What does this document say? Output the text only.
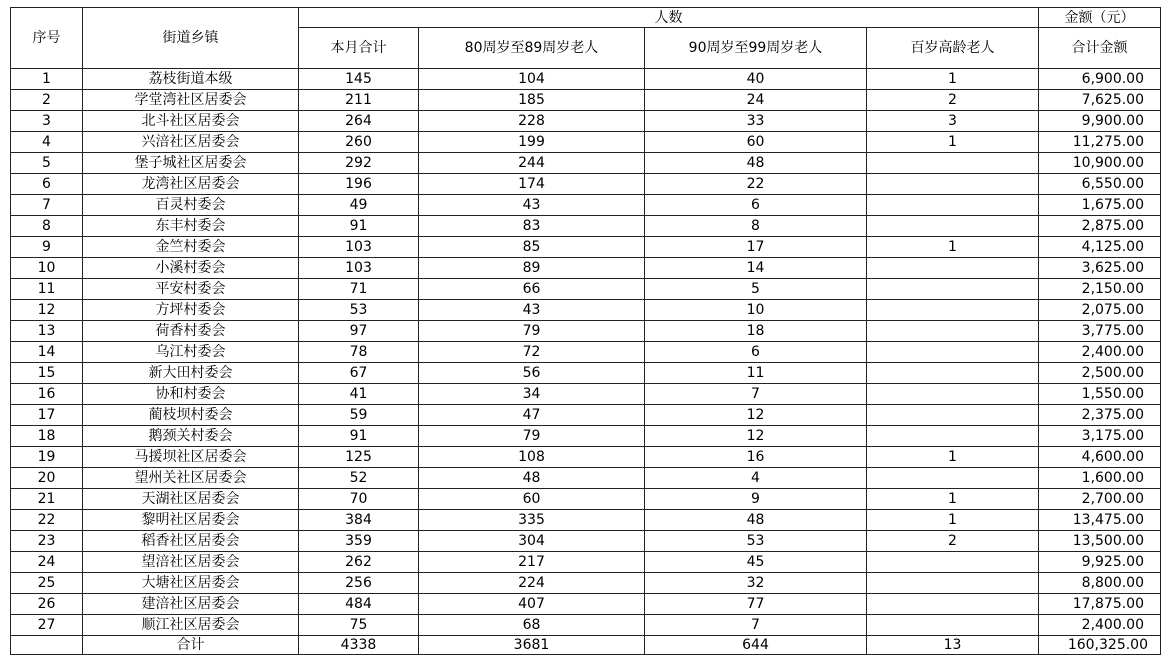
序号	街道乡镇	人数				金额（元）
		本月合计	80周岁至89周岁老人	90周岁至99周岁老人	百岁高龄老人	合计金额
1	荔枝街道本级	145	104	40	1	6,900.00
2	学堂湾社区居委会	211	185	24	2	7,625.00
3	北斗社区居委会	264	228	33	3	9,900.00
4	兴涪社区居委会	260	199	60	1	11,275.00
5	堡子城社区居委会	292	244	48		10,900.00
6	龙湾社区居委会	196	174	22		6,550.00
7	百灵村委会	49	43	6		1,675.00
8	东丰村委会	91	83	8		2,875.00
9	金竺村委会	103	85	17	1	4,125.00
10	小溪村委会	103	89	14		3,625.00
11	平安村委会	71	66	5		2,150.00
12	方坪村委会	53	43	10		2,075.00
13	荷香村委会	97	79	18		3,775.00
14	乌江村委会	78	72	6		2,400.00
15	新大田村委会	67	56	11		2,500.00
16	协和村委会	41	34	7		1,550.00
17	蔺枝坝村委会	59	47	12		2,375.00
18	鹅颈关村委会	91	79	12		3,175.00
19	马援坝社区居委会	125	108	16	1	4,600.00
20	望州关社区居委会	52	48	4		1,600.00
21	天湖社区居委会	70	60	9	1	2,700.00
22	黎明社区居委会	384	335	48	1	13,475.00
23	稻香社区居委会	359	304	53	2	13,500.00
24	望涪社区居委会	262	217	45		9,925.00
25	大塘社区居委会	256	224	32		8,800.00
26	建涪社区居委会	484	407	77		17,875.00
27	顺江社区居委会	75	68	7		2,400.00
	合计	4338	3681	644	13	160,325.00
